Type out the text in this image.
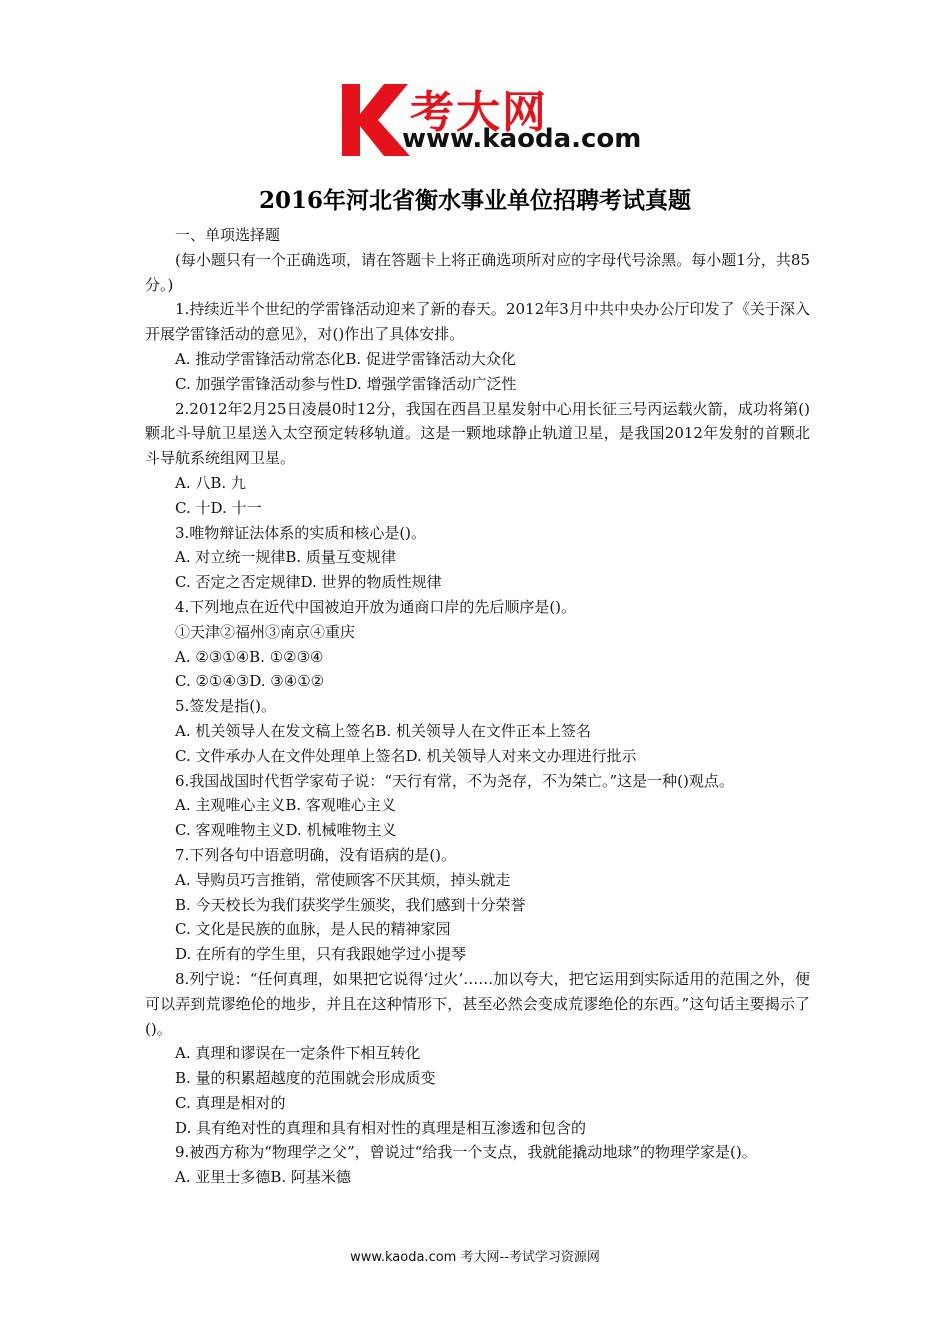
考大网
www.kaoda.com
2016年河北省衡水事业单位招聘考试真题

一、单项选择题

(每小题只有一个正确选项，请在答题卡上将正确选项所对应的字母代号涂黑。每小题1分，共85分。)

1.持续近半个世纪的学雷锋活动迎来了新的春天。2012年3月中共中央办公厅印发了《关于深入开展学雷锋活动的意见》，对()作出了具体安排。

A. 推动学雷锋活动常态化B. 促进学雷锋活动大众化

C. 加强学雷锋活动参与性D. 增强学雷锋活动广泛性

2.2012年2月25日凌晨0时12分，我国在西昌卫星发射中心用长征三号丙运载火箭，成功将第()颗北斗导航卫星送入太空预定转移轨道。这是一颗地球静止轨道卫星，是我国2012年发射的首颗北斗导航系统组网卫星。

A. 八B. 九

C. 十D. 十一

3.唯物辩证法体系的实质和核心是()。

A. 对立统一规律B. 质量互变规律

C. 否定之否定规律D. 世界的物质性规律

4.下列地点在近代中国被迫开放为通商口岸的先后顺序是()。

①天津②福州③南京④重庆

A. ②③①④B. ①②③④

C. ②①④③D. ③④①②

5.签发是指()。

A. 机关领导人在发文稿上签名B. 机关领导人在文件正本上签名

C. 文件承办人在文件处理单上签名D. 机关领导人对来文办理进行批示

6.我国战国时代哲学家荀子说：“天行有常，不为尧存，不为桀亡。”这是一种()观点。

A. 主观唯心主义B. 客观唯心主义

C. 客观唯物主义D. 机械唯物主义

7.下列各句中语意明确，没有语病的是()。

A. 导购员巧言推销，常使顾客不厌其烦，掉头就走

B. 今天校长为我们获奖学生颁奖，我们感到十分荣誉

C. 文化是民族的血脉，是人民的精神家园

D. 在所有的学生里，只有我跟她学过小提琴

8.列宁说：“任何真理，如果把它说得‘过火’……加以夸大，把它运用到实际适用的范围之外，便可以弄到荒谬绝伦的地步，并且在这种情形下，甚至必然会变成荒谬绝伦的东西。”这句话主要揭示了()。

A. 真理和谬误在一定条件下相互转化

B. 量的积累超越度的范围就会形成质变

C. 真理是相对的

D. 具有绝对性的真理和具有相对性的真理是相互渗透和包含的

9.被西方称为“物理学之父”，曾说过“给我一个支点，我就能撬动地球”的物理学家是()。

A. 亚里士多德B. 阿基米德

www.kaoda.com 考大网--考试学习资源网
